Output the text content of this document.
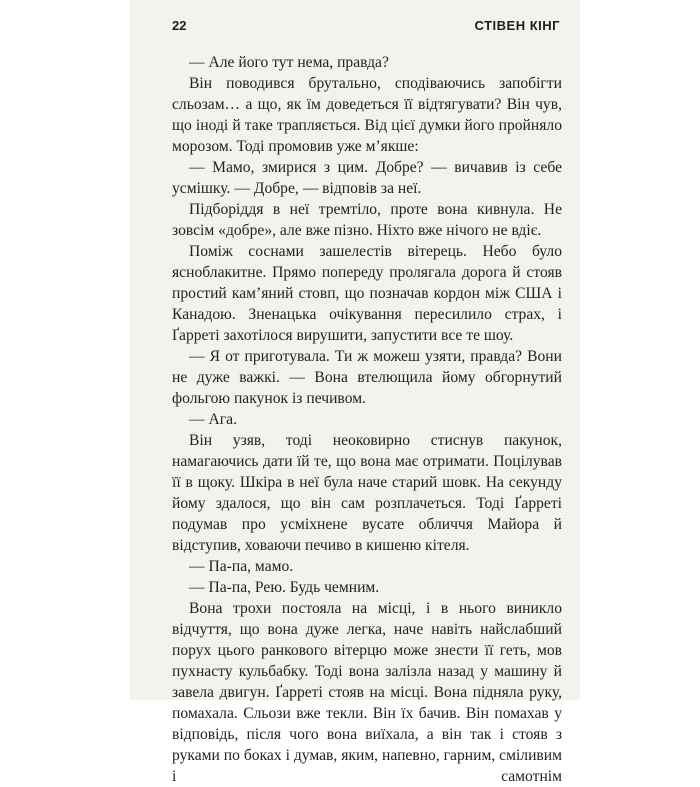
22	СТІВЕН КІНГ

— Але його тут нема, правда?

Він поводився брутально, сподіваючись запобігти сльозам… а що, як їм доведеться її відтягувати? Він чув, що іноді й таке трапляється. Від цієї думки його пройняло морозом. Тоді промовив уже м’якше:

— Мамо, змирися з цим. Добре? — вичавив із себе усмішку. — Добре, — відповів за неї.

Підборіддя в неї тремтіло, проте вона кивнула. Не зовсім «добре», але вже пізно. Ніхто вже нічого не вдіє.

Поміж соснами зашелестів вітерець. Небо було яснoблакитне. Прямо попереду пролягала дорога й стояв простий кам’яний стовп, що позначав кордон між США і Канадою. Зненацька очікування пересилило страх, і Ґарреті захотілося вирушити, запустити все те шоу.

— Я от приготувала. Ти ж можеш узяти, правда? Вони не дуже важкі. — Вона втелющила йому обгорнутий фольгою пакунок із печивом.

— Ага.

Він узяв, тоді неоковирно стиснув пакунок, намагаючись дати їй те, що вона має отримати. Поцілував її в щоку. Шкіра в неї була наче старий шовк. На секунду йому здалося, що він сам розплачеться. Тоді Ґарреті подумав про усміхнене вусате обличчя Майора й відступив, ховаючи печиво в кишеню кітеля.

— Па-па, мамо.

— Па-па, Рею. Будь чемним.

Вона трохи постояла на місці, і в нього виникло відчуття, що вона дуже легка, наче навіть найслабший порух цього ранкового вітерцю може знести її геть, мов пухнасту кульбабку. Тоді вона залізла назад у машину й завела двигун. Ґарреті стояв на місці. Вона підняла руку, помахала. Сльози вже текли. Він їх бачив. Він помахав у відповідь, після чого вона виїхала, а він так і стояв з руками по боках і думав, яким, напевно, гарним, сміливим і самотнім
